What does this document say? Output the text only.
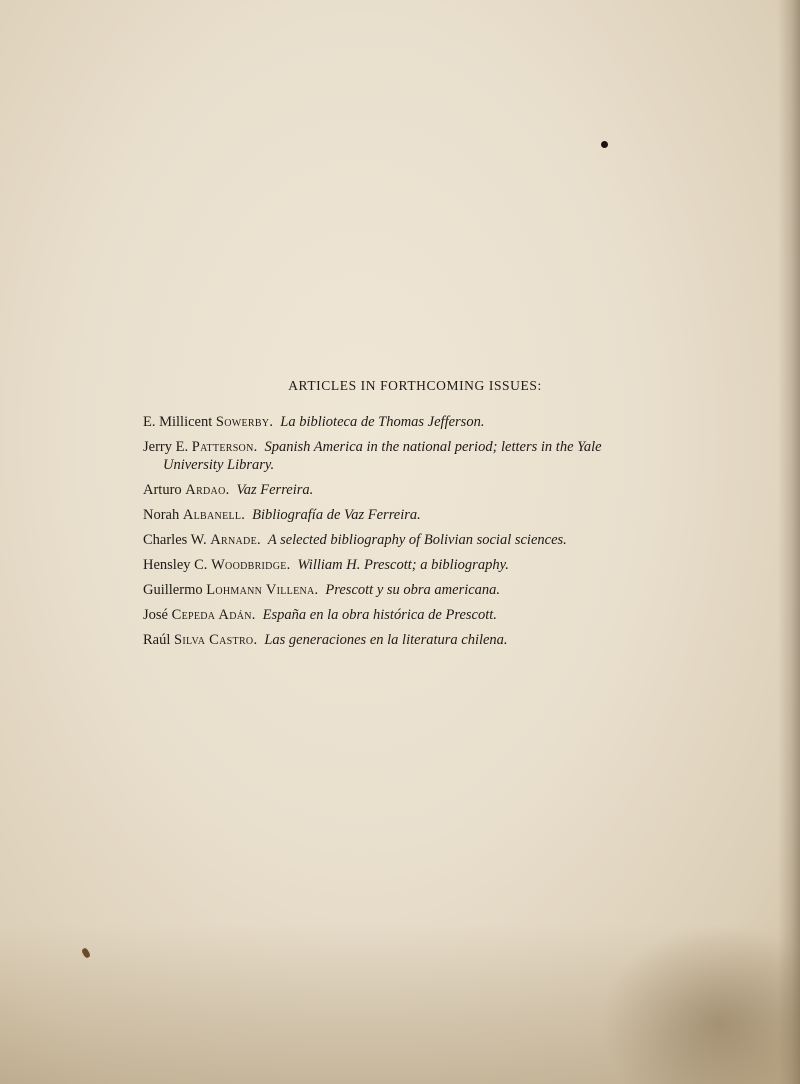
ARTICLES IN FORTHCOMING ISSUES:
E. Millicent Sowerby.  La biblioteca de Thomas Jefferson.
Jerry E. Patterson.  Spanish America in the national period; letters in the Yale
University Library.
Arturo Ardao.  Vaz Ferreira.
Norah Albanell.  Bibliografía de Vaz Ferreira.
Charles W. Arnade.  A selected bibliography of Bolivian social sciences.
Hensley C. Woodbridge.  William H. Prescott; a bibliography.
Guillermo Lohmann Villena.  Prescott y su obra americana.
José Cepeda Adán.  España en la obra histórica de Prescott.
Raúl Silva Castro.  Las generaciones en la literatura chilena.
